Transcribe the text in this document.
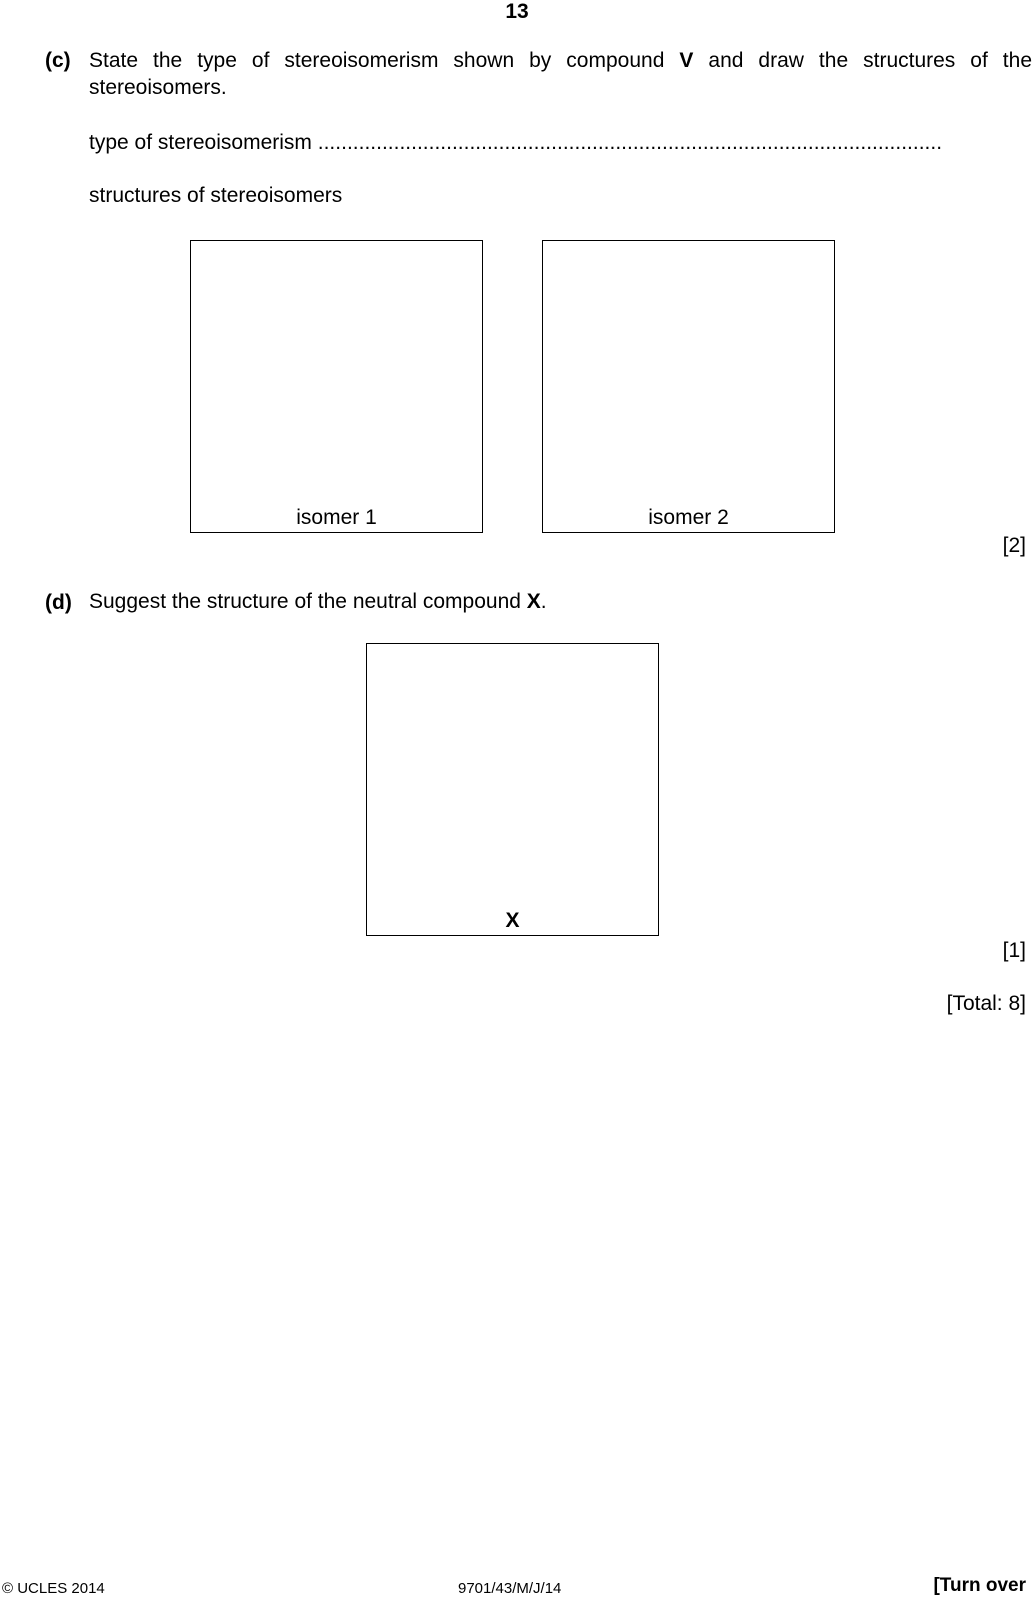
13
(c) State the type of stereoisomerism shown by compound V and draw the structures of the stereoisomers.
type of stereoisomerism ...........................................................................................................
structures of stereoisomers
isomer 1	isomer 2
[2]
(d) Suggest the structure of the neutral compound X.
X
[1]
[Total: 8]
© UCLES 2014	9701/43/M/J/14	[Turn over
